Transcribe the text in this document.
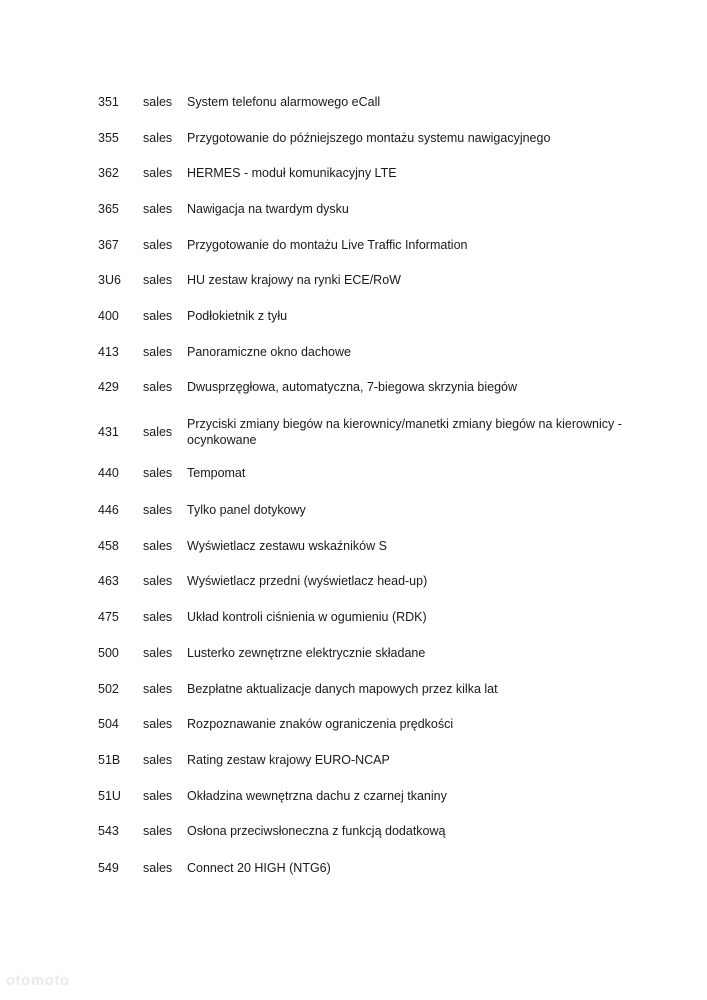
351 sales System telefonu alarmowego eCall
355 sales Przygotowanie do późniejszego montażu systemu nawigacyjnego
362 sales HERMES - moduł komunikacyjny LTE
365 sales Nawigacja na twardym dysku
367 sales Przygotowanie do montażu Live Traffic Information
3U6 sales HU zestaw krajowy na rynki ECE/RoW
400 sales Podłokietnik z tyłu
413 sales Panoramiczne okno dachowe
429 sales Dwusprzęgłowa, automatyczna, 7-biegowa skrzynia biegów
431 sales
Przyciski zmiany biegów na kierownicy/manetki zmiany biegów na kierownicy - ocynkowane
440 sales Tempomat
446 sales Tylko panel dotykowy
458 sales Wyświetlacz zestawu wskaźników S
463 sales Wyświetlacz przedni (wyświetlacz head-up)
475 sales Układ kontroli ciśnienia w ogumieniu (RDK)
500 sales Lusterko zewnętrzne elektrycznie składane
502 sales Bezpłatne aktualizacje danych mapowych przez kilka lat
504 sales Rozpoznawanie znaków ograniczenia prędkości
51B sales Rating zestaw krajowy EURO-NCAP
51U sales Okładzina wewnętrzna dachu z czarnej tkaniny
543 sales Osłona przeciwsłoneczna z funkcją dodatkową
549 sales Connect 20 HIGH (NTG6)
otomoto
